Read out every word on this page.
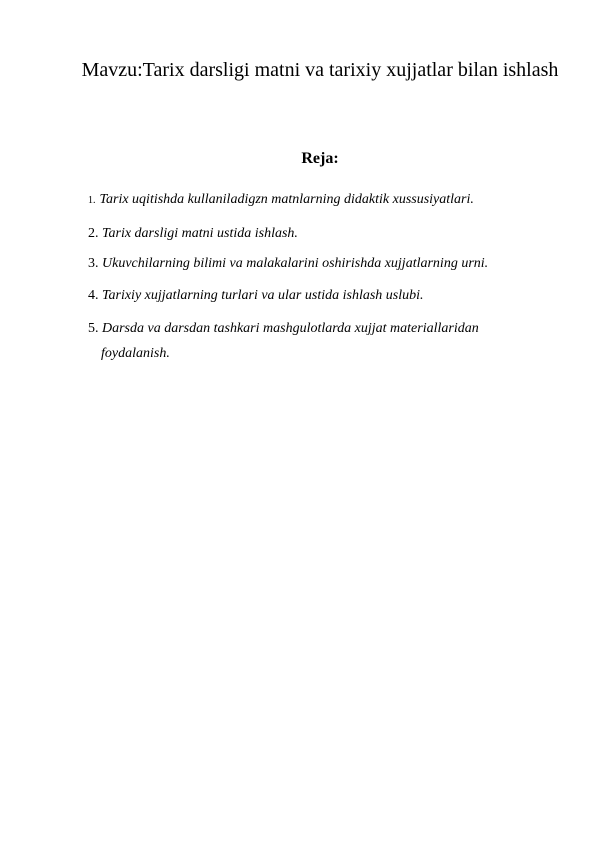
Mavzu:Tarix darsligi matni va tarixiy xujjatlar bilan ishlash
Reja:
1. Tarix uqitishda kullaniladigzn matnlarning didaktik xussusiyatlari.
2. Tarix darsligi matni ustida ishlash.
3. Ukuvchilarning bilimi va malakalarini oshirishda xujjatlarning urni.
4. Tarixiy xujjatlarning turlari va ular ustida ishlash uslubi.
5. Darsda va darsdan tashkari mashgulotlarda xujjat materiallaridan
foydalanish.
